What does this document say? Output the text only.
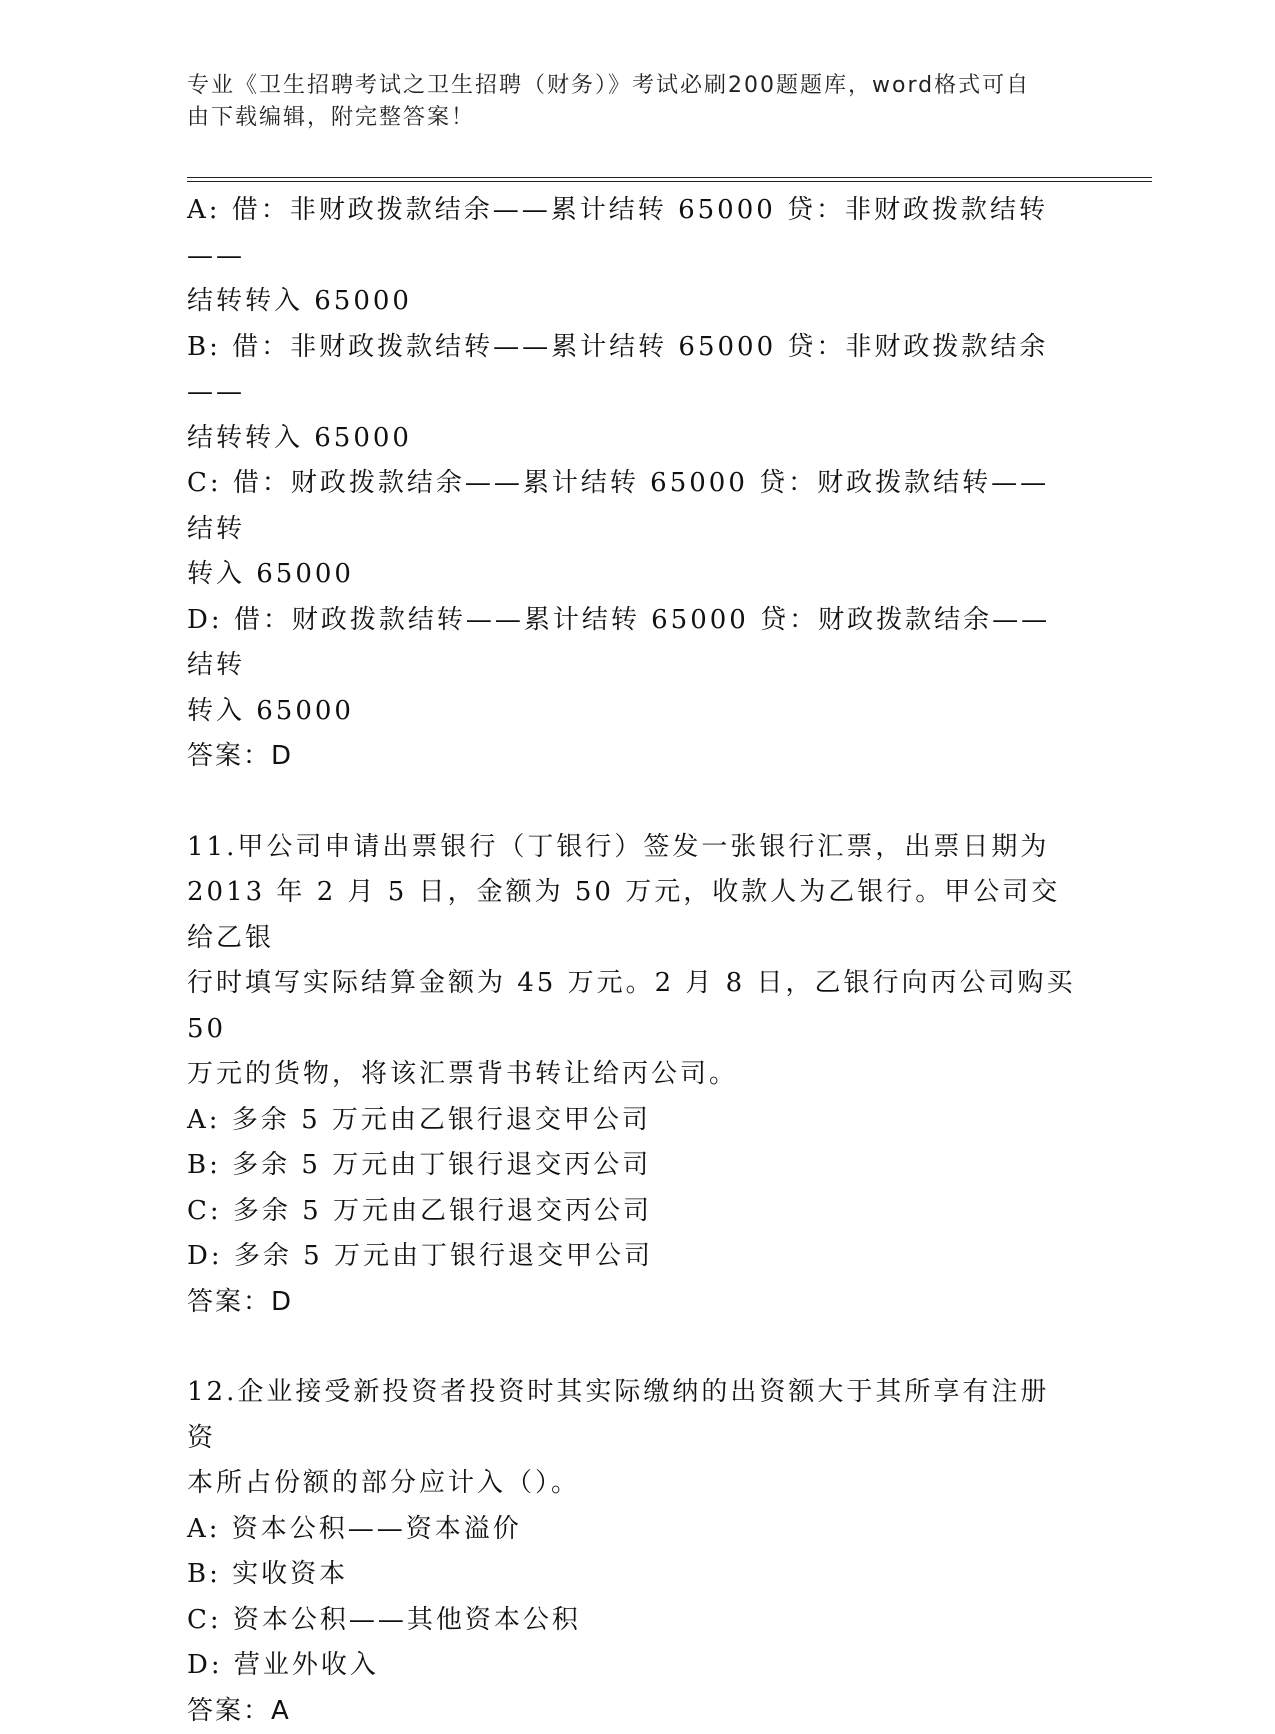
专业《卫生招聘考试之卫生招聘（财务）》考试必刷200题题库，word格式可自
由下载编辑，附完整答案！
A: 借：非财政拨款结余——累计结转 65000 贷：非财政拨款结转——
结转转入 65000
B: 借：非财政拨款结转——累计结转 65000 贷：非财政拨款结余——
结转转入 65000
C: 借：财政拨款结余——累计结转 65000 贷：财政拨款结转——结转
转入 65000
D: 借：财政拨款结转——累计结转 65000 贷：财政拨款结余——结转
转入 65000
答案：D
11.甲公司申请出票银行（丁银行）签发一张银行汇票，出票日期为
2013 年 2 月 5 日，金额为 50 万元，收款人为乙银行。甲公司交给乙银
行时填写实际结算金额为 45 万元。2 月 8 日，乙银行向丙公司购买 50
万元的货物，将该汇票背书转让给丙公司。
A: 多余 5 万元由乙银行退交甲公司
B: 多余 5 万元由丁银行退交丙公司
C: 多余 5 万元由乙银行退交丙公司
D: 多余 5 万元由丁银行退交甲公司
答案：D
12.企业接受新投资者投资时其实际缴纳的出资额大于其所享有注册资
本所占份额的部分应计入（）。
A: 资本公积——资本溢价
B: 实收资本
C: 资本公积——其他资本公积
D: 营业外收入
答案：A
